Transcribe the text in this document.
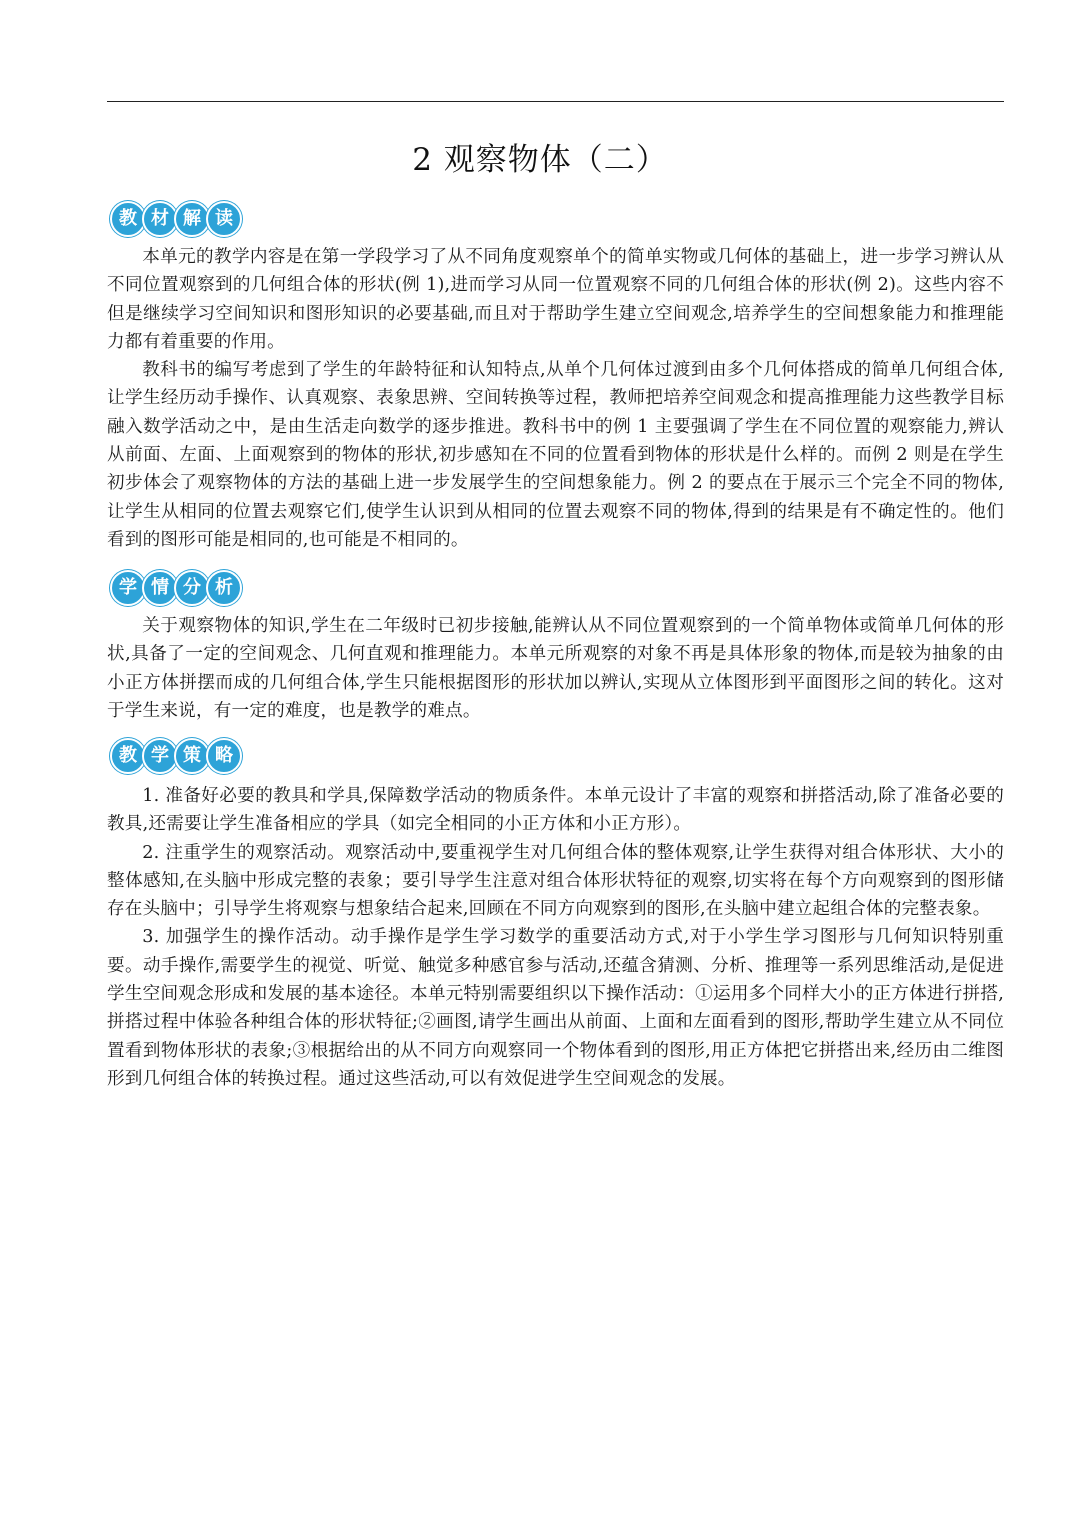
2 观察物体（二）
教 材 解 读

本单元的教学内容是在第一学段学习了从不同角度观察单个的简单实物或几何体的基础上，进一步学习辨认从不同位置观察到的几何组合体的形状(例 1),进而学习从同一位置观察不同的几何组合体的形状(例 2)。这些内容不但是继续学习空间知识和图形知识的必要基础,而且对于帮助学生建立空间观念,培养学生的空间想象能力和推理能力都有着重要的作用。

教科书的编写考虑到了学生的年龄特征和认知特点,从单个几何体过渡到由多个几何体搭成的简单几何组合体,让学生经历动手操作、认真观察、表象思辨、空间转换等过程，教师把培养空间观念和提高推理能力这些教学目标融入数学活动之中，是由生活走向数学的逐步推进。教科书中的例 1 主要强调了学生在不同位置的观察能力,辨认从前面、左面、上面观察到的物体的形状,初步感知在不同的位置看到物体的形状是什么样的。而例 2 则是在学生初步体会了观察物体的方法的基础上进一步发展学生的空间想象能力。例 2 的要点在于展示三个完全不同的物体,让学生从相同的位置去观察它们,使学生认识到从相同的位置去观察不同的物体,得到的结果是有不确定性的。他们看到的图形可能是相同的,也可能是不相同的。

学 情 分 析

关于观察物体的知识,学生在二年级时已初步接触,能辨认从不同位置观察到的一个简单物体或简单几何体的形状,具备了一定的空间观念、几何直观和推理能力。本单元所观察的对象不再是具体形象的物体,而是较为抽象的由小正方体拼摆而成的几何组合体,学生只能根据图形的形状加以辨认,实现从立体图形到平面图形之间的转化。这对于学生来说，有一定的难度，也是教学的难点。

教 学 策 略

1. 准备好必要的教具和学具,保障数学活动的物质条件。本单元设计了丰富的观察和拼搭活动,除了准备必要的教具,还需要让学生准备相应的学具（如完全相同的小正方体和小正方形）。

2. 注重学生的观察活动。观察活动中,要重视学生对几何组合体的整体观察,让学生获得对组合体形状、大小的整体感知,在头脑中形成完整的表象；要引导学生注意对组合体形状特征的观察,切实将在每个方向观察到的图形储存在头脑中；引导学生将观察与想象结合起来,回顾在不同方向观察到的图形,在头脑中建立起组合体的完整表象。

3. 加强学生的操作活动。动手操作是学生学习数学的重要活动方式,对于小学生学习图形与几何知识特别重要。动手操作,需要学生的视觉、听觉、触觉多种感官参与活动,还蕴含猜测、分析、推理等一系列思维活动,是促进学生空间观念形成和发展的基本途径。本单元特别需要组织以下操作活动：①运用多个同样大小的正方体进行拼搭,拼搭过程中体验各种组合体的形状特征;②画图,请学生画出从前面、上面和左面看到的图形,帮助学生建立从不同位置看到物体形状的表象;③根据给出的从不同方向观察同一个物体看到的图形,用正方体把它拼搭出来,经历由二维图形到几何组合体的转换过程。通过这些活动,可以有效促进学生空间观念的发展。
